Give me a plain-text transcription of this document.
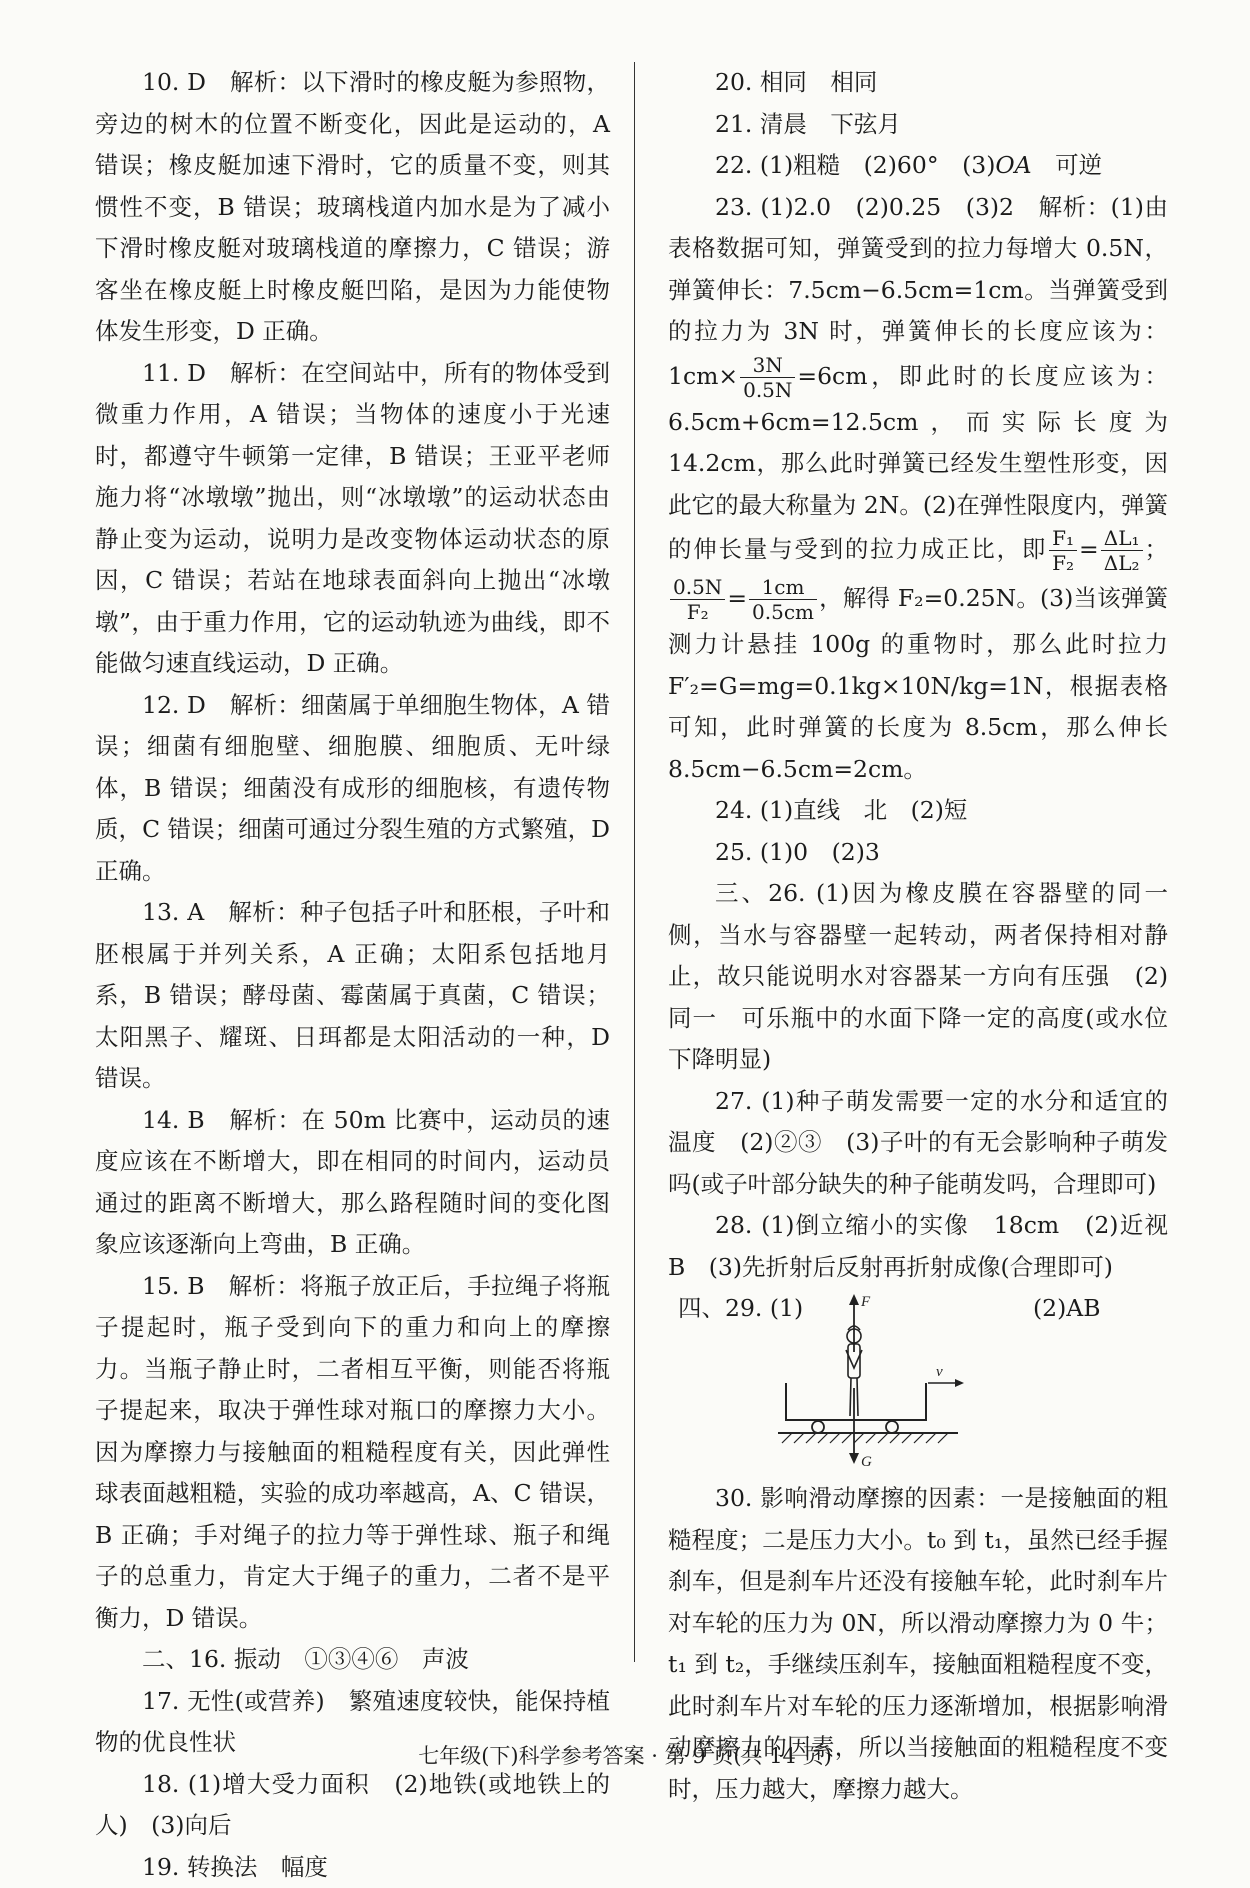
10. D　解析：以下滑时的橡皮艇为参照物，旁边的树木的位置不断变化，因此是运动的，A 错误；橡皮艇加速下滑时，它的质量不变，则其惯性不变，B 错误；玻璃栈道内加水是为了减小下滑时橡皮艇对玻璃栈道的摩擦力，C 错误；游客坐在橡皮艇上时橡皮艇凹陷，是因为力能使物体发生形变，D 正确。

11. D　解析：在空间站中，所有的物体受到微重力作用，A 错误；当物体的速度小于光速时，都遵守牛顿第一定律，B 错误；王亚平老师施力将“冰墩墩”抛出，则“冰墩墩”的运动状态由静止变为运动，说明力是改变物体运动状态的原因，C 错误；若站在地球表面斜向上抛出“冰墩墩”，由于重力作用，它的运动轨迹为曲线，即不能做匀速直线运动，D 正确。

12. D　解析：细菌属于单细胞生物体，A 错误；细菌有细胞壁、细胞膜、细胞质、无叶绿体，B 错误；细菌没有成形的细胞核，有遗传物质，C 错误；细菌可通过分裂生殖的方式繁殖，D 正确。

13. A　解析：种子包括子叶和胚根，子叶和胚根属于并列关系，A 正确；太阳系包括地月系，B 错误；酵母菌、霉菌属于真菌，C 错误；太阳黑子、耀斑、日珥都是太阳活动的一种，D 错误。

14. B　解析：在 50m 比赛中，运动员的速度应该在不断增大，即在相同的时间内，运动员通过的距离不断增大，那么路程随时间的变化图象应该逐渐向上弯曲，B 正确。

15. B　解析：将瓶子放正后，手拉绳子将瓶子提起时，瓶子受到向下的重力和向上的摩擦力。当瓶子静止时，二者相互平衡，则能否将瓶子提起来，取决于弹性球对瓶口的摩擦力大小。因为摩擦力与接触面的粗糙程度有关，因此弹性球表面越粗糙，实验的成功率越高，A、C 错误，B 正确；手对绳子的拉力等于弹性球、瓶子和绳子的总重力，肯定大于绳子的重力，二者不是平衡力，D 错误。

二、16. 振动　①③④⑥　声波

17. 无性(或营养)　繁殖速度较快，能保持植物的优良性状

18. (1)增大受力面积　(2)地铁(或地铁上的人)　(3)向后

19. 转换法　幅度

20. 相同　相同

21. 清晨　下弦月

22. (1)粗糙　(2)60°　(3)OA　可逆

23. (1)2.0　(2)0.25　(3)2　解析：(1)由表格数据可知，弹簧受到的拉力每增大 0.5N，弹簧伸长：7.5cm−6.5cm=1cm。当弹簧受到的拉力为 3N 时，弹簧伸长的长度应该为：$1cm\times \frac{3N}{0.5N} =6cm$，即此时的长度应该为：6.5cm+6cm=12.5cm，而实际长度为 14.2cm，那么此时弹簧已经发生塑性形变，因此它的最大称量为 2N。(2)在弹性限度内，弹簧的伸长量与受到的拉力成正比，即 $\frac{\text{F₁}}{\text{F₂}} = \frac{\text{ΔL₁}}{\text{ΔL₂}}$ ；
$\frac{0.5N}{\text{F₂}} = \frac{1cm}{0.5cm}$ ，解得 F₂=0.25N。(3)当该弹簧测力计悬挂 100g 的重物时，那么此时拉力 F′₂=G=mg=0.1kg×10N/kg=1N，根据表格可知，此时弹簧的长度为 8.5cm，那么伸长 8.5cm−6.5cm=2cm。

24. (1)直线　北　(2)短

25. (1)0　(2)3

三、26. (1)因为橡皮膜在容器壁的同一侧，当水与容器壁一起转动，两者保持相对静止，故只能说明水对容器某一方向有压强　(2)同一　可乐瓶中的水面下降一定的高度(或水位下降明显)

27. (1)种子萌发需要一定的水分和适宜的温度　(2)②③　(3)子叶的有无会影响种子萌发吗(或子叶部分缺失的种子能萌发吗，合理即可)

28. (1)倒立缩小的实像　18cm　(2)近视　B　(3)先折射后反射再折射成像(合理即可)

四、29. (1)	(2)AB
F
G
v

30. 影响滑动摩擦的因素：一是接触面的粗糙程度；二是压力大小。t₀ 到 t₁，虽然已经手握刹车，但是刹车片还没有接触车轮，此时刹车片对车轮的压力为 0N，所以滑动摩擦力为 0 牛；t₁ 到 t₂，手继续压刹车，接触面粗糙程度不变，此时刹车片对车轮的压力逐渐增加，根据影响滑动摩擦力的因素，所以当接触面的粗糙程度不变时，压力越大，摩擦力越大。

七年级(下)科学参考答案 · 第 9 页(共 14 页)
